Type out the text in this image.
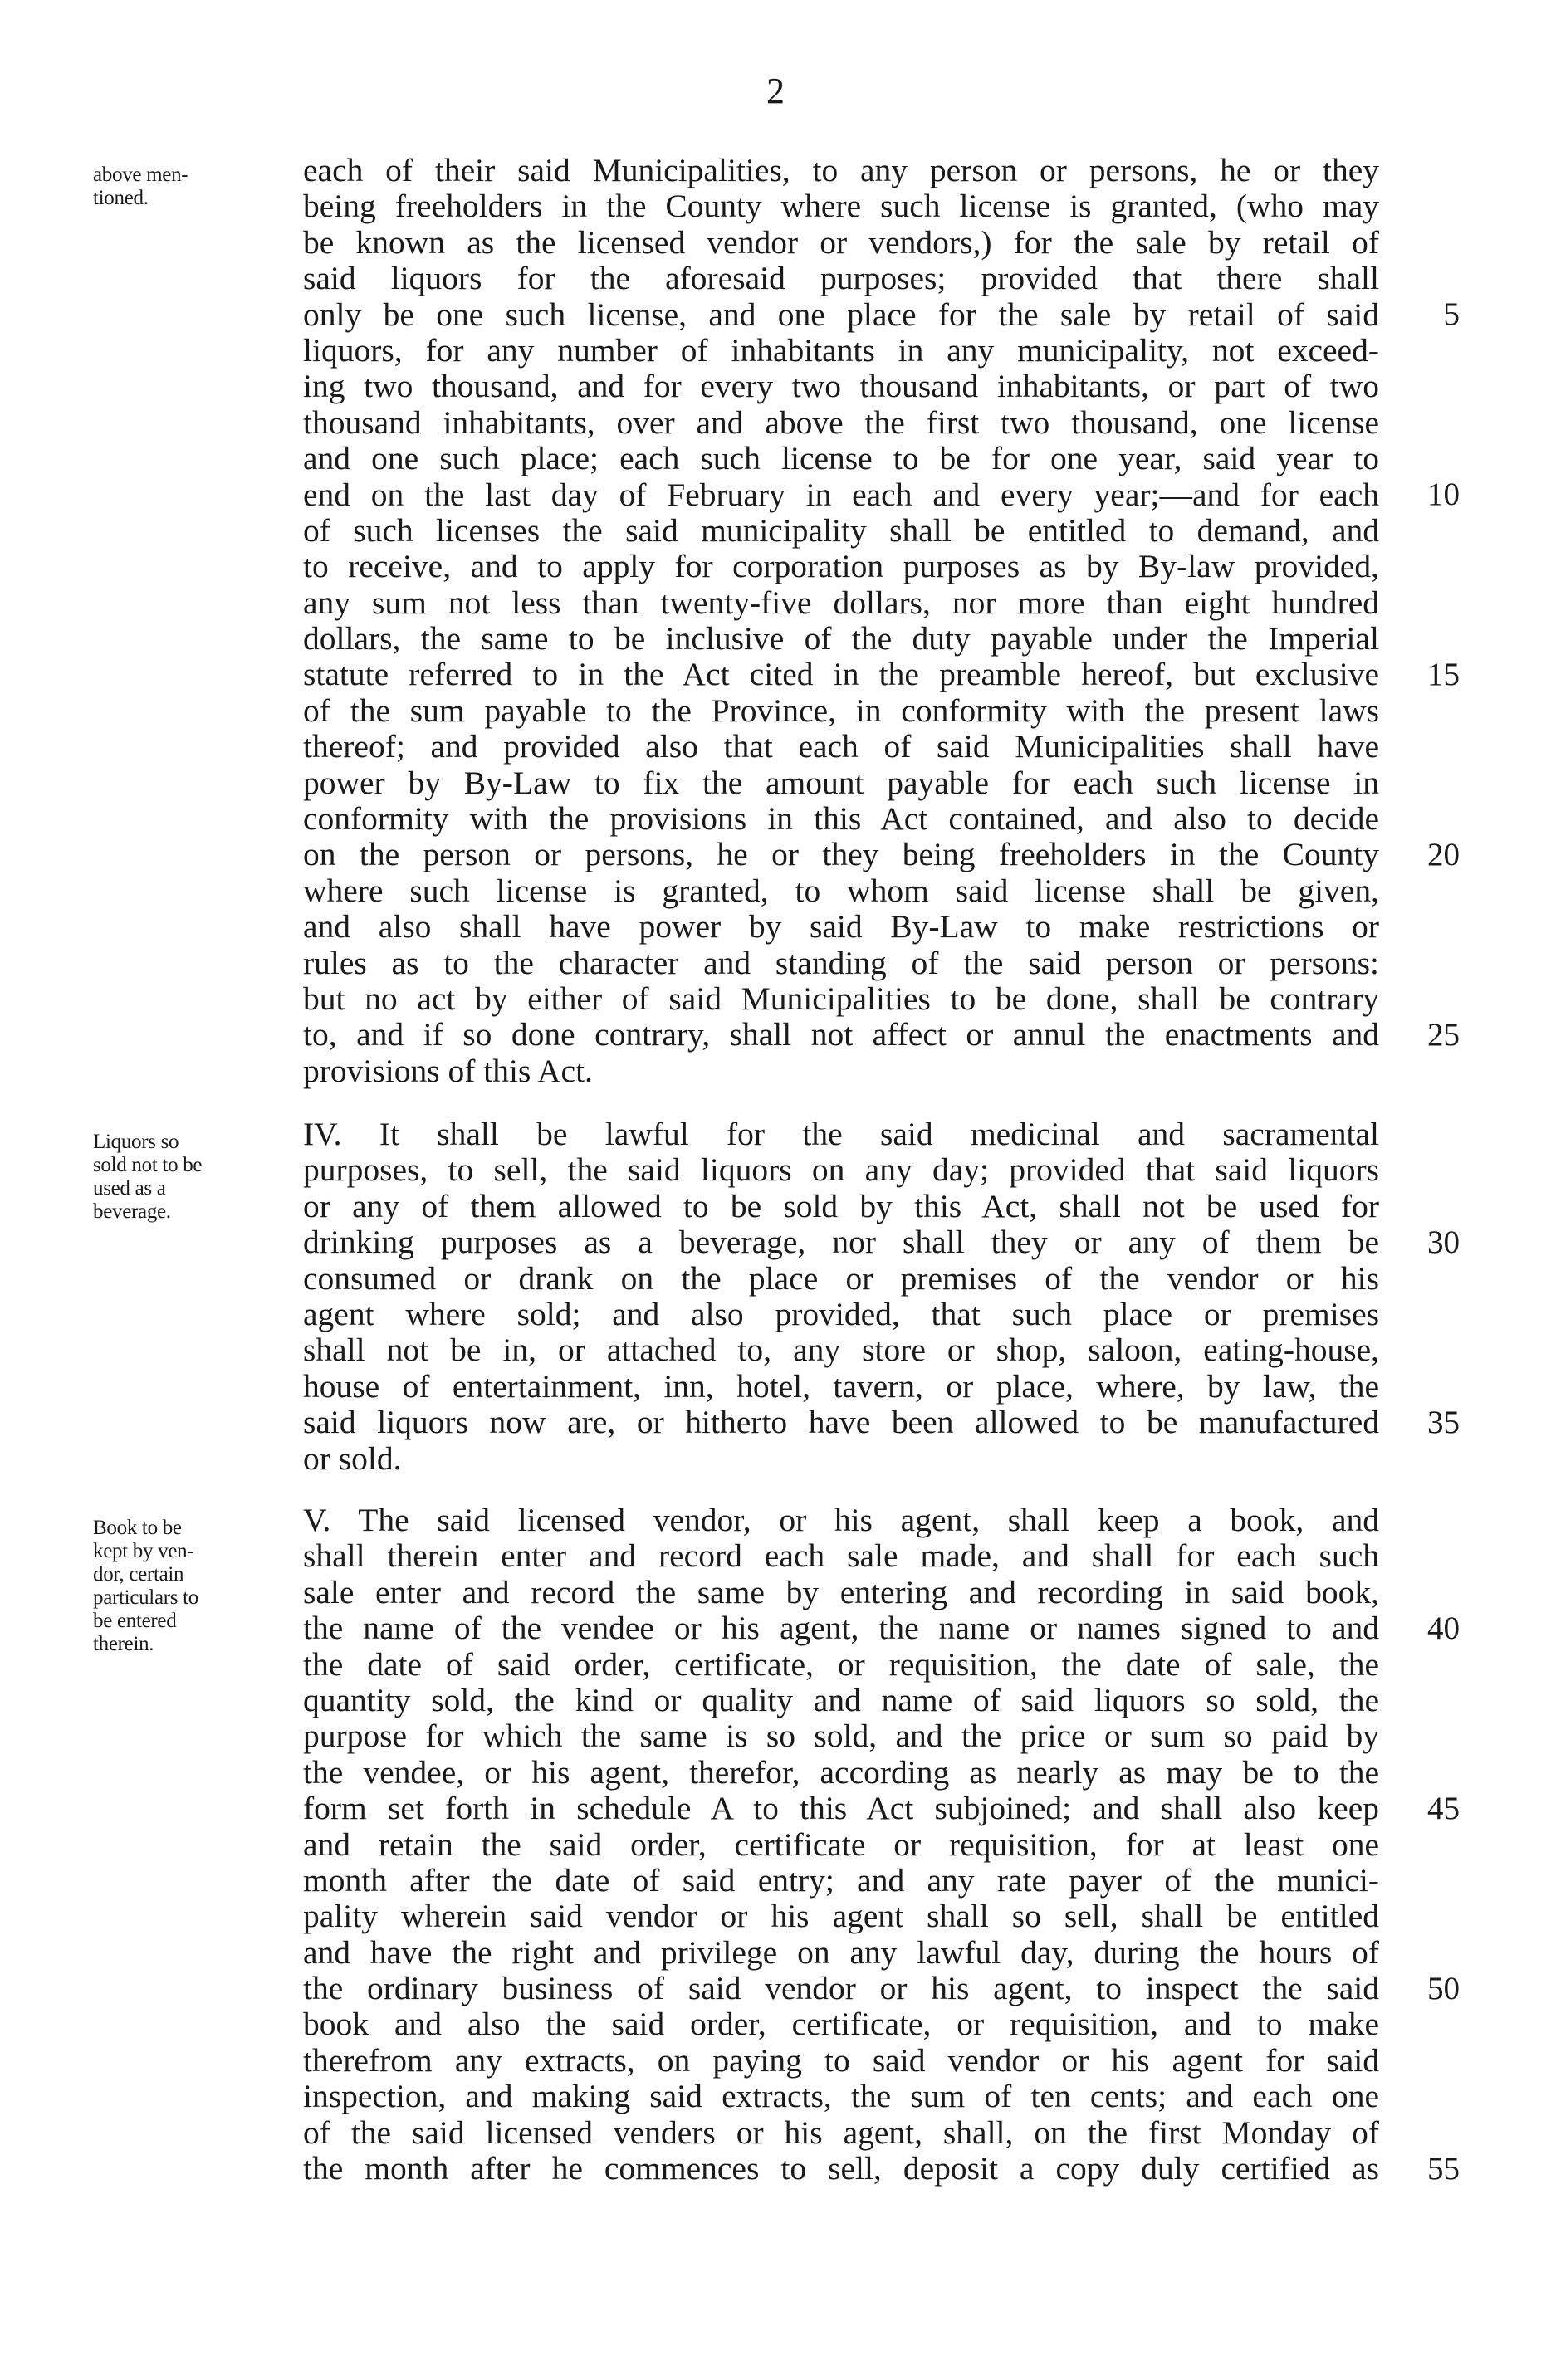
2
above men-
tioned.
each of their said Municipalities, to any person or persons, he or they
being freeholders in the County where such license is granted, (who may
be known as the licensed vendor or vendors,) for the sale by retail of
said liquors for the aforesaid purposes; provided that there shall
only be one such license, and one place for the sale by retail of said
liquors, for any number of inhabitants in any municipality, not exceed-
ing two thousand, and for every two thousand inhabitants, or part of two
thousand inhabitants, over and above the first two thousand, one license
and one such place; each such license to be for one year, said year to
end on the last day of February in each and every year;—and for each
of such licenses the said municipality shall be entitled to demand, and
to receive, and to apply for corporation purposes as by By-law provided,
any sum not less than twenty-five dollars, nor more than eight hundred
dollars, the same to be inclusive of the duty payable under the Imperial
statute referred to in the Act cited in the preamble hereof, but exclusive
of the sum payable to the Province, in conformity with the present laws
thereof; and provided also that each of said Municipalities shall have
power by By-Law to fix the amount payable for each such license in
conformity with the provisions in this Act contained, and also to decide
on the person or persons, he or they being freeholders in the County
where such license is granted, to whom said license shall be given,
and also shall have power by said By-Law to make restrictions or
rules as to the character and standing of the said person or persons:
but no act by either of said Municipalities to be done, shall be contrary
to, and if so done contrary, shall not affect or annul the enactments and
provisions of this Act.
Liquors so
sold not to be
used as a
beverage.
IV. It shall be lawful for the said medicinal and sacramental
purposes, to sell, the said liquors on any day; provided that said liquors
or any of them allowed to be sold by this Act, shall not be used for
drinking purposes as a beverage, nor shall they or any of them be
consumed or drank on the place or premises of the vendor or his
agent where sold; and also provided, that such place or premises
shall not be in, or attached to, any store or shop, saloon, eating-house,
house of entertainment, inn, hotel, tavern, or place, where, by law, the
said liquors now are, or hitherto have been allowed to be manufactured
or sold.
Book to be
kept by ven-
dor, certain
particulars to
be entered
therein.
V. The said licensed vendor, or his agent, shall keep a book, and
shall therein enter and record each sale made, and shall for each such
sale enter and record the same by entering and recording in said book,
the name of the vendee or his agent, the name or names signed to and
the date of said order, certificate, or requisition, the date of sale, the
quantity sold, the kind or quality and name of said liquors so sold, the
purpose for which the same is so sold, and the price or sum so paid by
the vendee, or his agent, therefor, according as nearly as may be to the
form set forth in schedule A to this Act subjoined; and shall also keep
and retain the said order, certificate or requisition, for at least one
month after the date of said entry; and any rate payer of the munici-
pality wherein said vendor or his agent shall so sell, shall be entitled
and have the right and privilege on any lawful day, during the hours of
the ordinary business of said vendor or his agent, to inspect the said
book and also the said order, certificate, or requisition, and to make
therefrom any extracts, on paying to said vendor or his agent for said
inspection, and making said extracts, the sum of ten cents; and each one
of the said licensed venders or his agent, shall, on the first Monday of
the month after he commences to sell, deposit a copy duly certified as
5
10
15
20
25
30
35
40
45
50
55
